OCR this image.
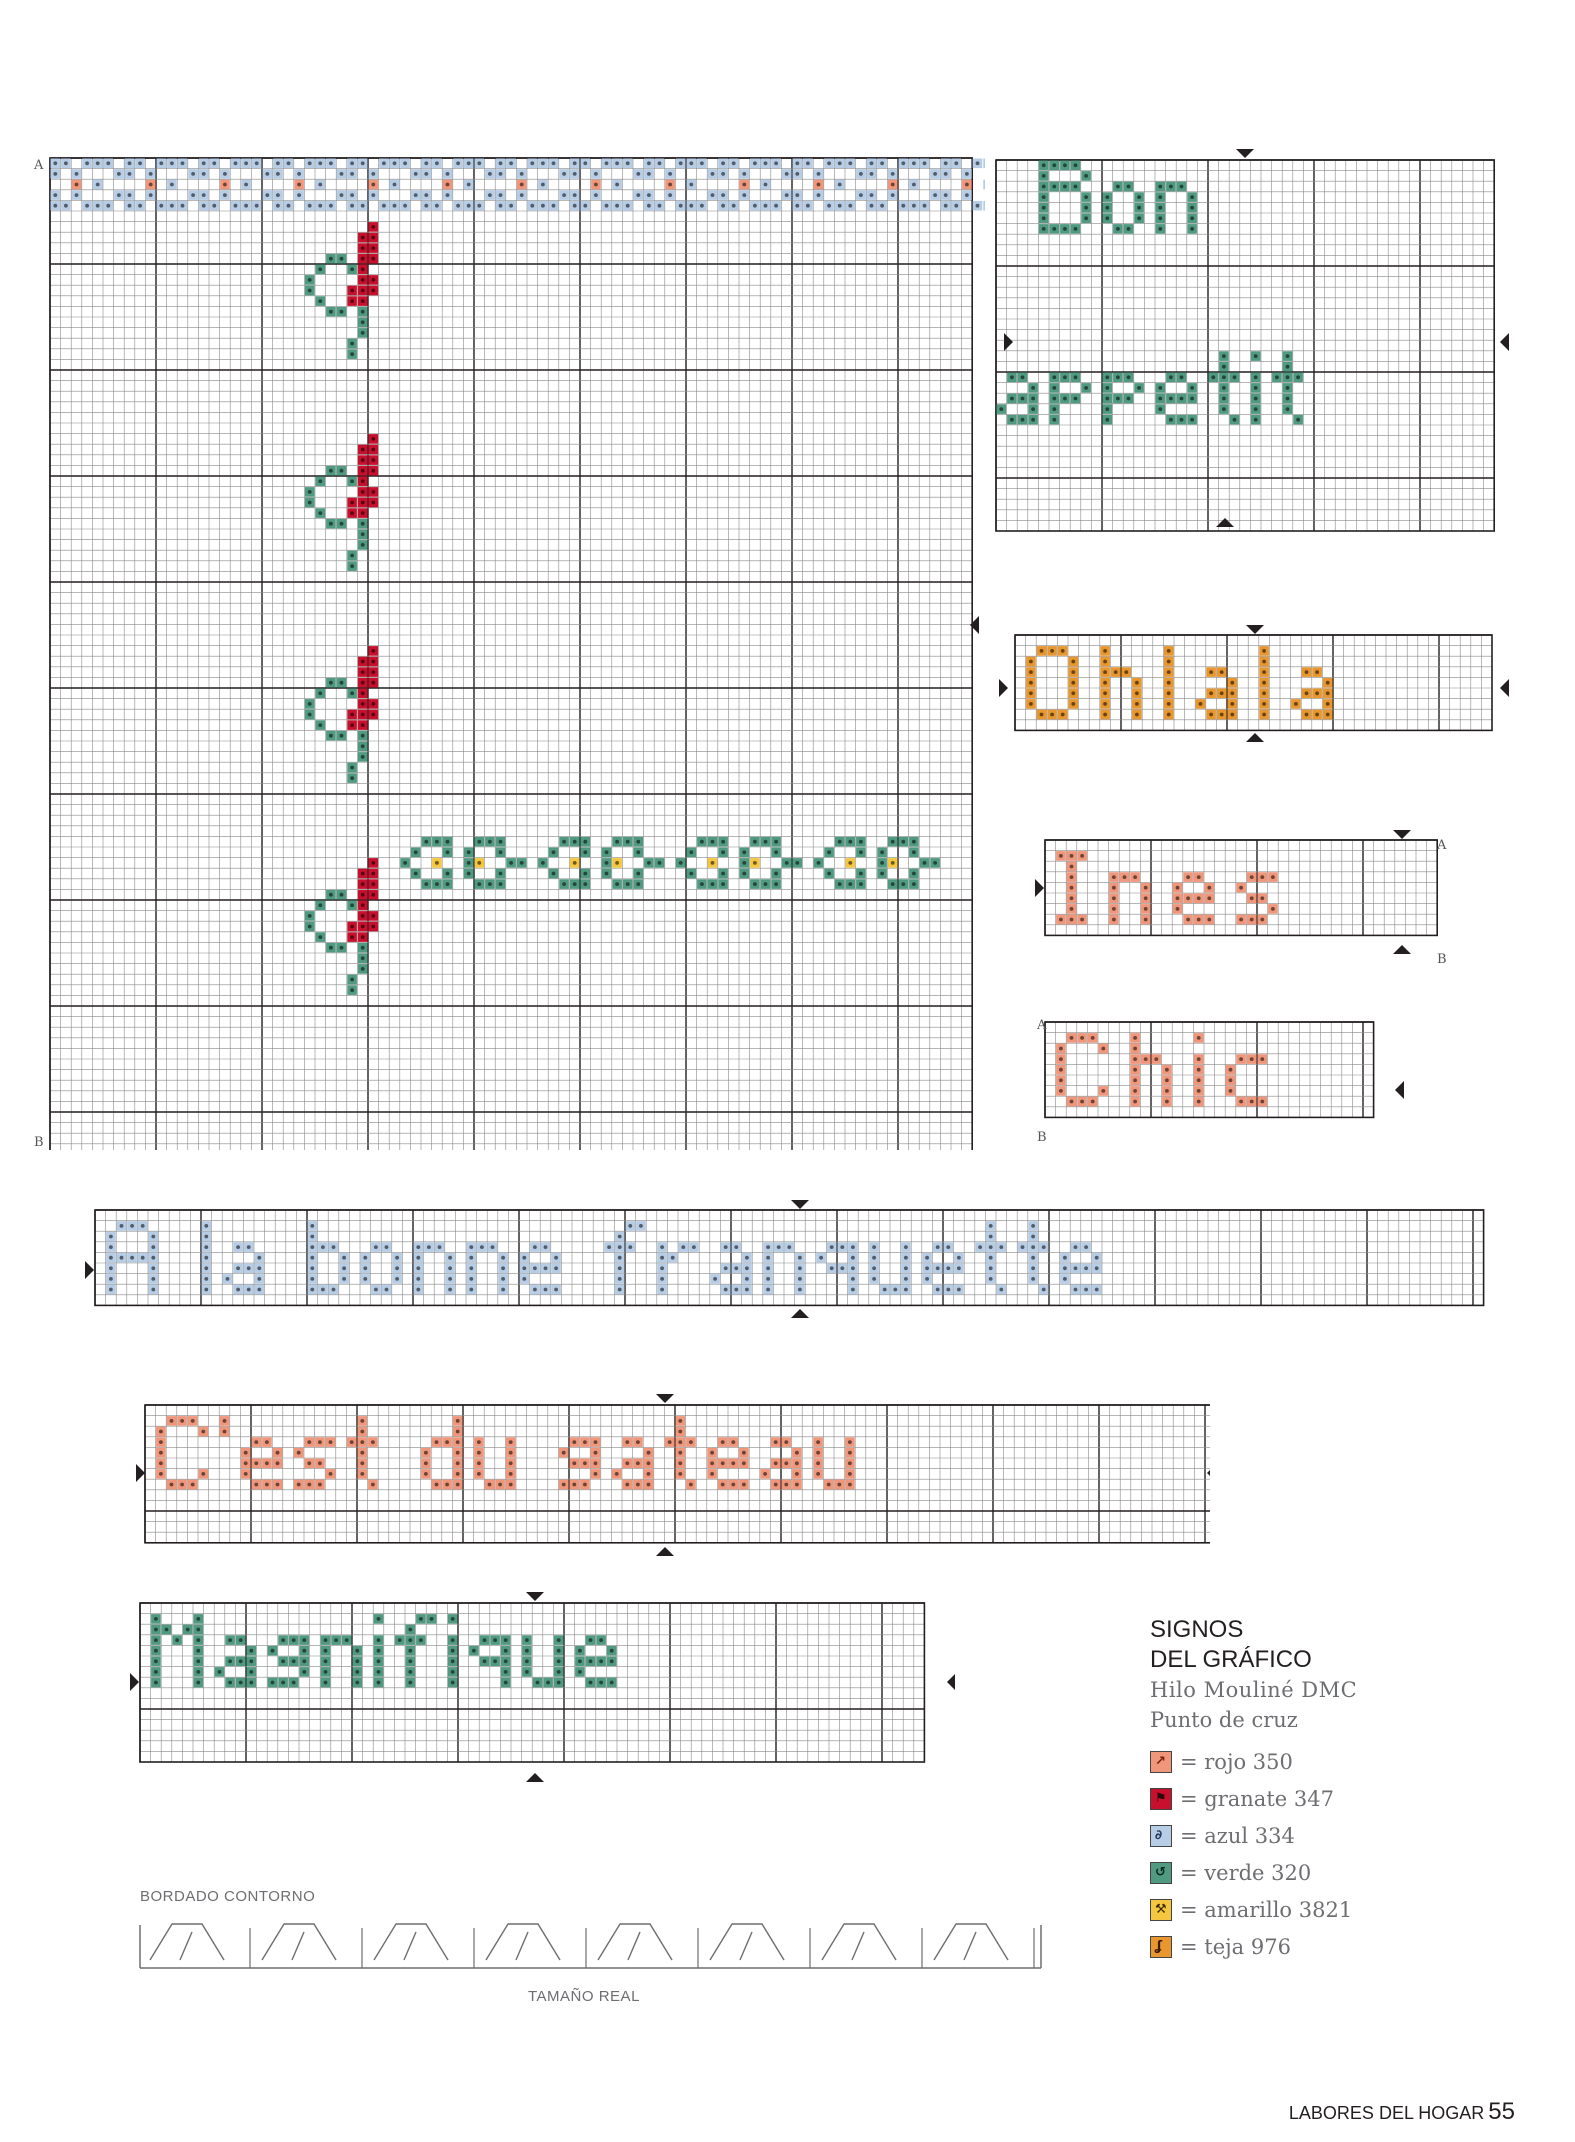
A
B
A
B
A
B
SIGNOS
DEL GRÁFICO
Hilo Mouliné DMC
Punto de cruz
↗ = rojo 350
⚑ = granate 347
∂ = azul 334
↺ = verde 320
⚒ = amarillo 3821
ʆ = teja 976
BORDADO CONTORNO
TAMAÑO REAL
LABORES DEL HOGAR 55
